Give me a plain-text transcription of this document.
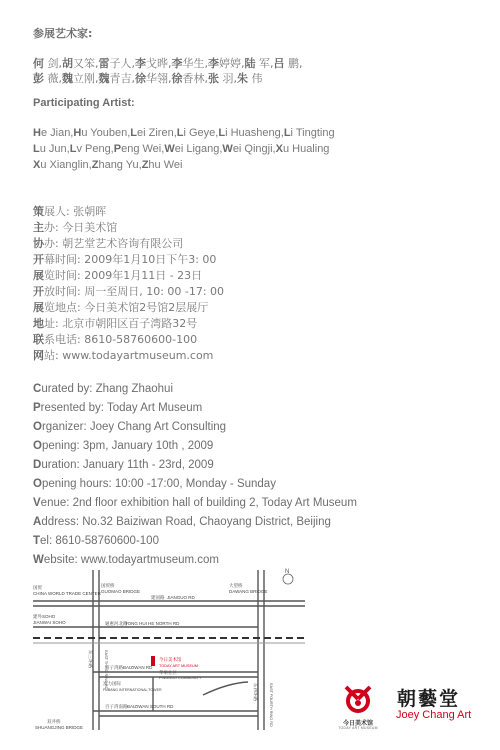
参展艺术家:
何 剑,胡又笨,雷子人,李戈晔,李华生,李婷婷,陆 军,吕 鹏,
彭 薇,魏立刚,魏青吉,徐华翎,徐香林,张 羽,朱 伟
Participating Artist:
He Jian,Hu Youben,Lei Ziren,Li Geye,Li Huasheng,Li Tingting
Lu Jun,Lv Peng,Peng Wei,Wei Ligang,Wei Qingji,Xu Hualing
Xu Xianglin,Zhang Yu,Zhu Wei
策展人: 张朝晖
主办: 今日美术馆
协办: 朝艺堂艺术咨询有限公司
开幕时间: 2009年1月10日下午3: 00
展览时间: 2009年1月11日 - 23日
开放时间: 周一至周日, 10: 00 -17: 00
展览地点: 今日美术馆2号馆2层展厅
地址: 北京市朝阳区百子湾路32号
联系电话: 8610-58760600-100
网站: www.todayartmuseum.com
Curated by: Zhang Zhaohui
Presented by: Today Art Museum
Organizer: Joey Chang Art Consulting
Opening: 3pm, January 10th , 2009
Duration: January 11th - 23rd, 2009
Opening hours: 10:00 -17:00, Monday - Sunday
Venue: 2nd floor exhibition hall of building 2, Today Art Museum
Address: No.32 Baiziwan Road, Chaoyang District, Beijing
Tel: 8610-58760600-100
Website: www.todayartmuseum.com
N
国贸
CHINA WORLD TRADE CENTER
国贸桥
GUOMAO BRIDGE
大望桥
DAWANG BRIDGE
建国路 JIANGUO RD
建外SOHO
JIANWAI SOHO	通惠河北路
TONG HUI HE NORTH RD
百子湾路 BAIZIWAN RD
富力国际
FUBANG INTERNATIONAL TOWER
今日美术馆
TODAY ART MUSEUM
苹果社区
PINGGUO COMMUNITY
百子湾南路 BAIZIWAN SOUTH RD
双井桥
SHUANGJING BRIDGE
东三环路	EAST THIRD RING RD
东四环路	EAST FOURTH RING RD	今日美术馆
TODAY ART MUSEUM
朝藝堂
Joey Chang Art
